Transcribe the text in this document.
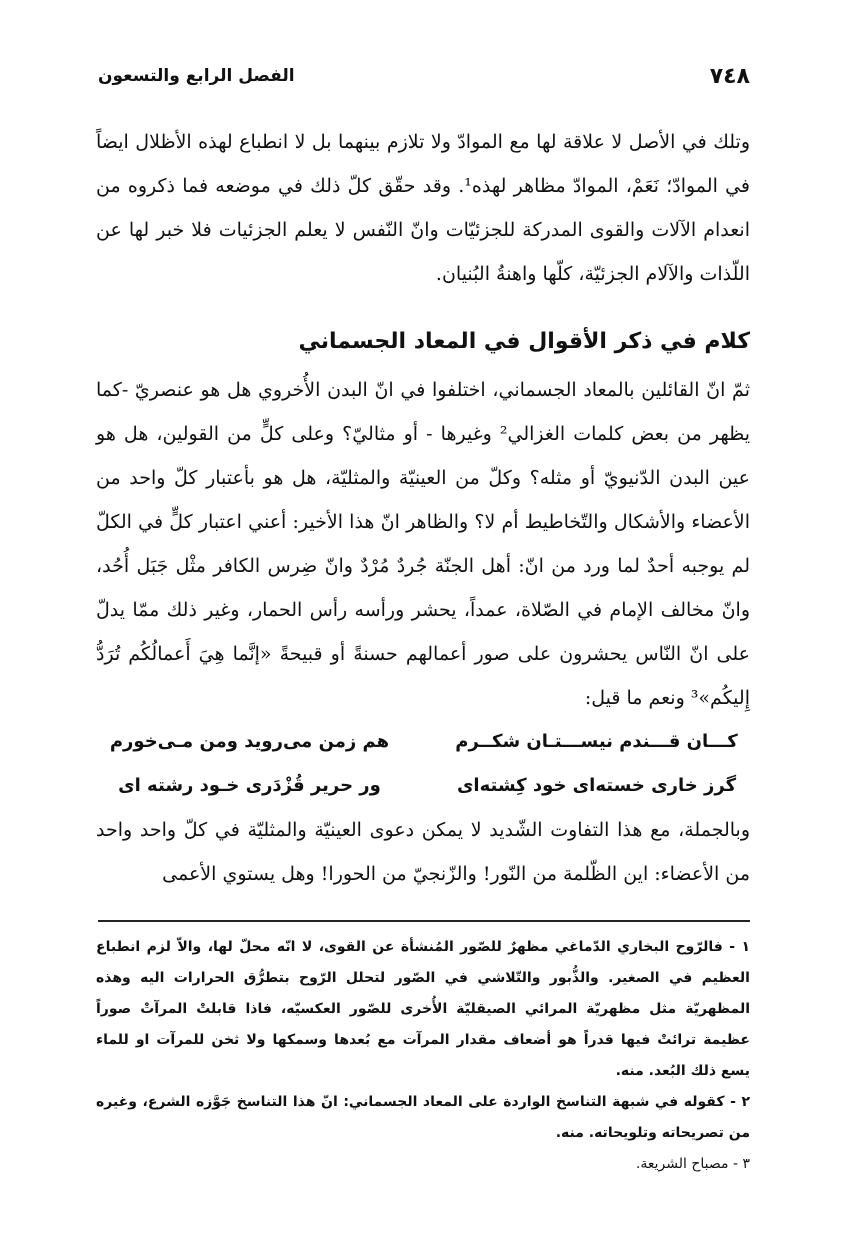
٧٤٨
الفصل الرابع والتسعون

وتلك في الأصل لا علاقة لها مع الموادّ ولا تلازم بينهما بل لا انطباع لهذه الأظلال ايضاً في الموادّ؛ نَعَمْ، الموادّ مظاهر لهذه¹. وقد حقّق كلّ ذلك في موضعه فما ذكروه من انعدام الآلات والقوى المدركة للجزئيّات وانّ النّفس لا يعلم الجزئيات فلا خبر لها عن اللّذات والآلام الجزئيّة، كلّها واهنةُ البُنيان.

كلام في ذكر الأقوال في المعاد الجسماني

ثمّ انّ القائلين بالمعاد الجسماني، اختلفوا في انّ البدن الأُخروي هل هو عنصريّ -كما يظهر من بعض كلمات الغزالي² وغيرها - أو مثاليّ؟ وعلى كلٍّ من القولين، هل هو عين البدن الدّنيويّ أو مثله؟ وكلّ من العينيّة والمثليّة، هل هو بأعتبار كلّ واحد من الأعضاء والأشكال والتّخاطيط أم لا؟ والظاهر انّ هذا الأخير: أعني اعتبار كلٍّ في الكلّ لم يوجبه أحدٌ لما ورد من انّ: أهل الجنّة جُردٌ مُرْدٌ وانّ ضِرس الكافر مثْل جَبَل أُحُد، وانّ مخالف الإمام في الصّلاة، عمداً، يحشر ورأسه رأس الحمار، وغير ذلك ممّا يدلّ على انّ النّاس يحشرون على صور أعمالهم حسنةً أو قبيحةً «إنَّما هِيَ أَعمالُكُم تُرَدُّ إِليكُم»³ ونعم ما قيل:

كـــان قـــندم نيســـتـان شكــرم
هم زمن مى‌رويد ومن مـى‌خورم
گرز خارى خسته‌اى خود كِشته‌اى
ور حرير قُزْدَرى خـود رشته اى

وبالجملة، مع هذا التفاوت الشّديد لا يمكن دعوى العينيّة والمثليّة في كلّ واحد واحد من الأعضاء: اين الظّلمة من النّور! والزّنجيّ من الحورا! وهل يستوي الأعمى

١ - فالرّوح البخاري الدّماغي مظهرٌ للصّور المُنشأة عن القوى، لا انّه محلّ لها، والاّ لزم انطباع العظيم في الصغير. والذُّبور والتّلاشي في الصّور لتحلل الرّوح بتطرُّق الحرارات اليه وهذه المظهريّة مثل مظهريّة المرائي الصيقليّة الأُخرى للصّور العكسيّه، فاذا قابلتْ المرآتْ صوراً عظيمة ترائتْ فيها قدراً هو أضعاف مقدار المرآت مع بُعدها وسمكها ولا ثخن للمرآت او للماء يسع ذلك البُعد. منه.

٢ - كقوله في شبهة التناسخ الواردة على المعاد الجسماني: انّ هذا التناسخ جَوَّزه الشرع، وغيره من تصريحاته وتلويحاته. منه.

٣ - مصباح الشريعة.
